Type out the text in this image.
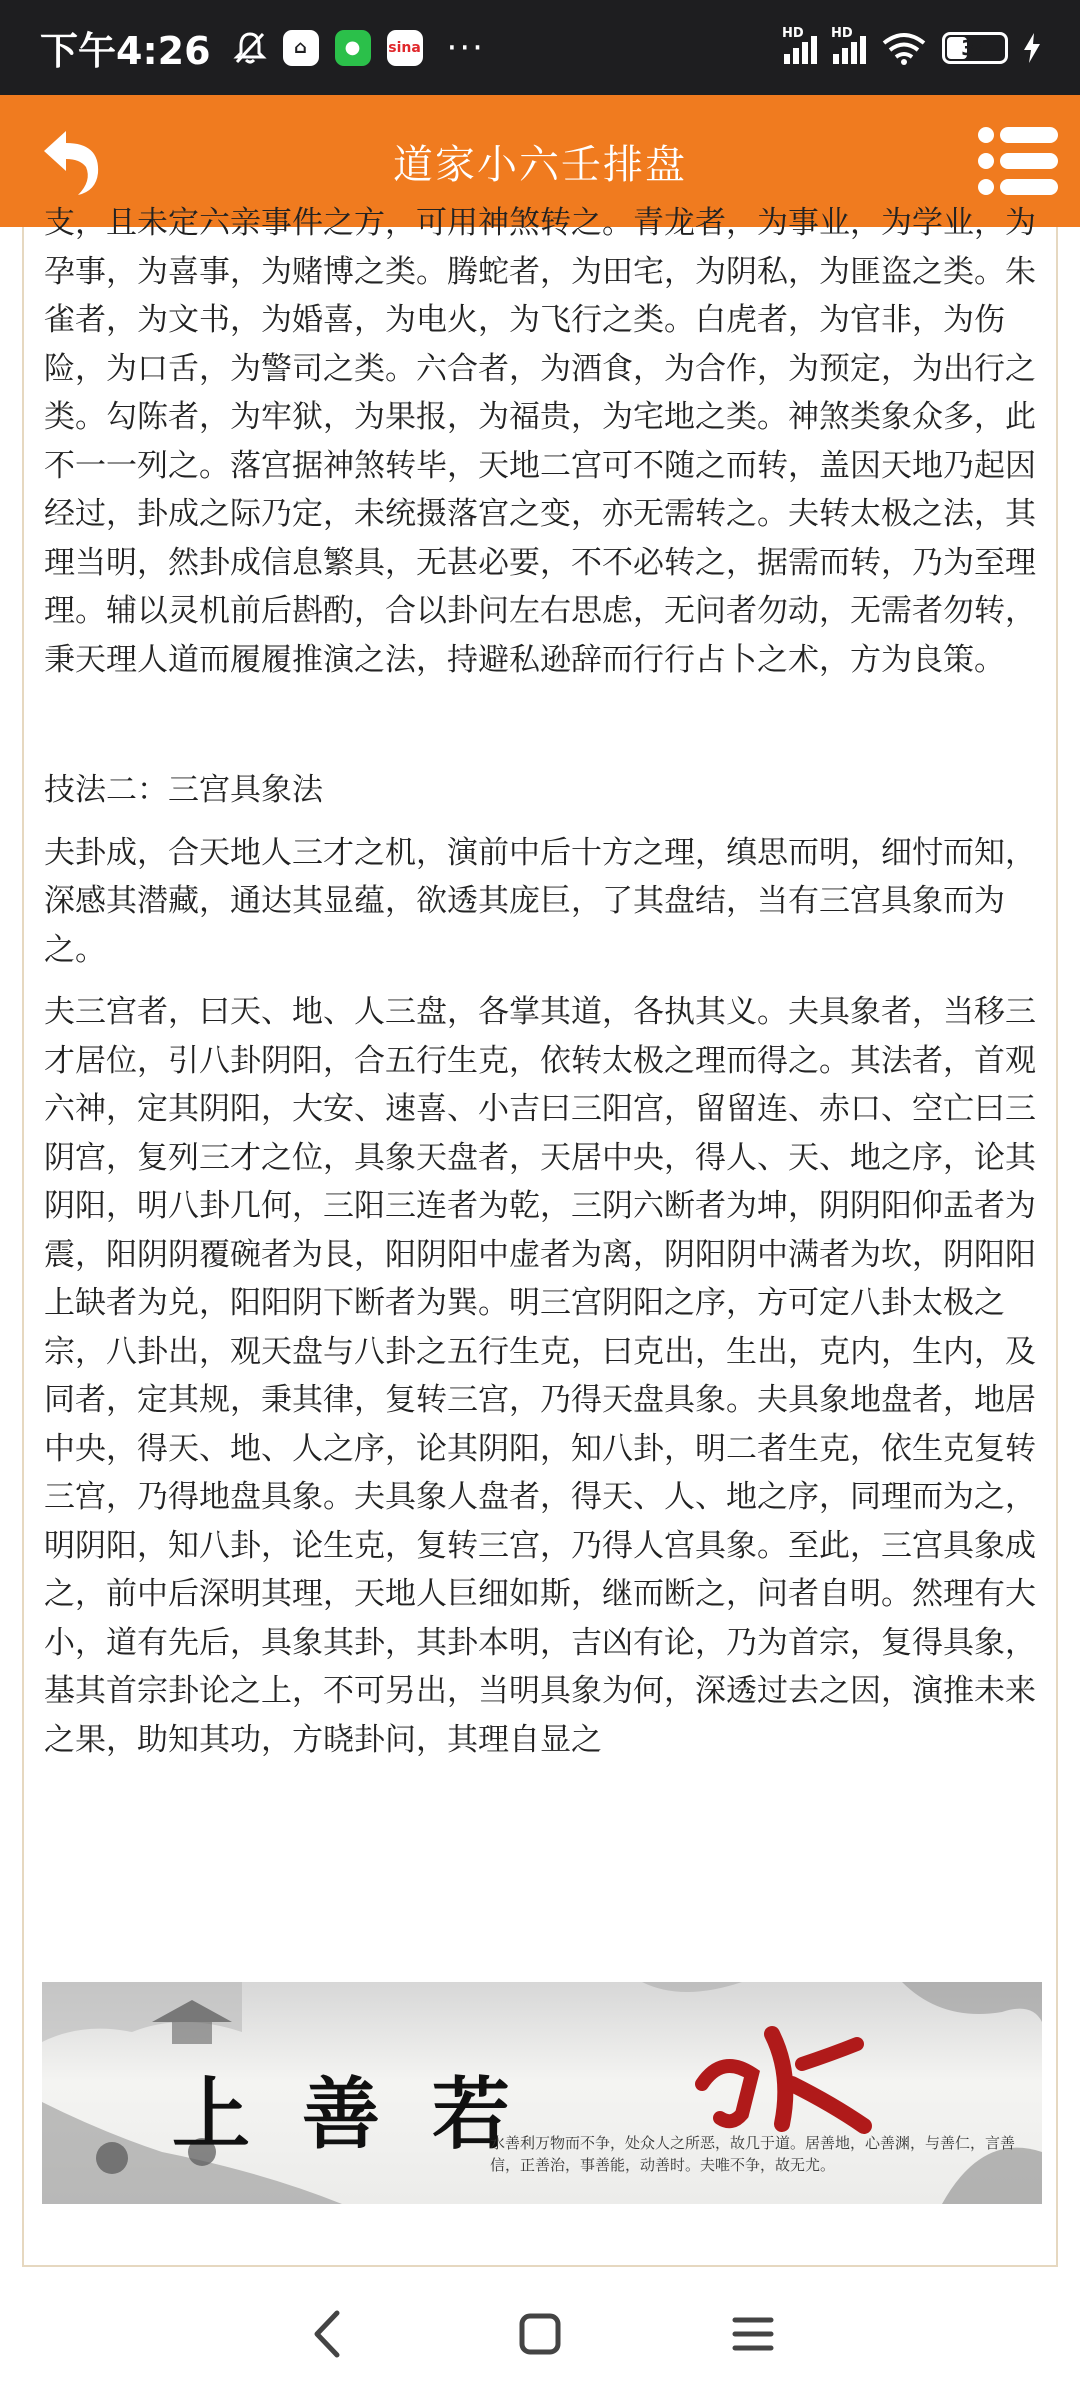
下午4:26	⌂	●	sina ···	HD HD
34
道家小六壬排盘

支，且未定六亲事件之方，可用神煞转之。青龙者，为事业，为学业，为孕事，为喜事，为赌博之类。腾蛇者，为田宅，为阴私，为匪盗之类。朱雀者，为文书，为婚喜，为电火，为飞行之类。白虎者，为官非，为伤险，为口舌，为警司之类。六合者，为酒食，为合作，为预定，为出行之类。勾陈者，为牢狱，为果报，为福贵，为宅地之类。神煞类象众多，此不一一列之。落宫据神煞转毕，天地二宫可不随之而转，盖因天地乃起因经过，卦成之际乃定，未统摄落宫之变，亦无需转之。夫转太极之法，其理当明，然卦成信息繁具，无甚必要，不不必转之，据需而转，乃为至理理。辅以灵机前后斟酌，合以卦问左右思虑，无问者勿动，无需者勿转，秉天理人道而履履推演之法，持避私逊辞而行行占卜之术，方为良策。

技法二：三宫具象法

夫卦成，合天地人三才之机，演前中后十方之理，缜思而明，细忖而知，深感其潜藏，通达其显蕴，欲透其庞巨，了其盘结，当有三宫具象而为之。

夫三宫者，曰天、地、人三盘，各掌其道，各执其义。夫具象者，当移三才居位，引八卦阴阳，合五行生克，依转太极之理而得之。其法者，首观六神，定其阴阳，大安、速喜、小吉曰三阳宫，留留连、赤口、空亡曰三阴宫，复列三才之位，具象天盘者，天居中央，得人、天、地之序，论其阴阳，明八卦几何，三阳三连者为乾，三阴六断者为坤，阴阴阳仰盂者为震，阳阴阴覆碗者为艮，阳阴阳中虚者为离，阴阳阴中满者为坎，阴阳阳上缺者为兑，阳阳阴下断者为巽。明三宫阴阳之序，方可定八卦太极之宗，八卦出，观天盘与八卦之五行生克，曰克出，生出，克内，生内，及同者，定其规，秉其律，复转三宫，乃得天盘具象。夫具象地盘者，地居中央，得天、地、人之序，论其阴阳，知八卦，明二者生克，依生克复转三宫，乃得地盘具象。夫具象人盘者，得天、人、地之序，同理而为之，明阴阳，知八卦，论生克，复转三宫，乃得人宫具象。至此，三宫具象成之，前中后深明其理，天地人巨细如斯，继而断之，问者自明。然理有大小，道有先后，具象其卦，其卦本明，吉凶有论，乃为首宗，复得具象，基其首宗卦论之上，不可另出，当明具象为何，深透过去之因，演推未来之果，助知其功，方晓卦问，其理自显之

上善若
水善利万物而不争，处众人之所恶，故几于道。居善地，心善渊，与善仁，言善信，正善治，事善能，动善时。夫唯不争，故无尤。
